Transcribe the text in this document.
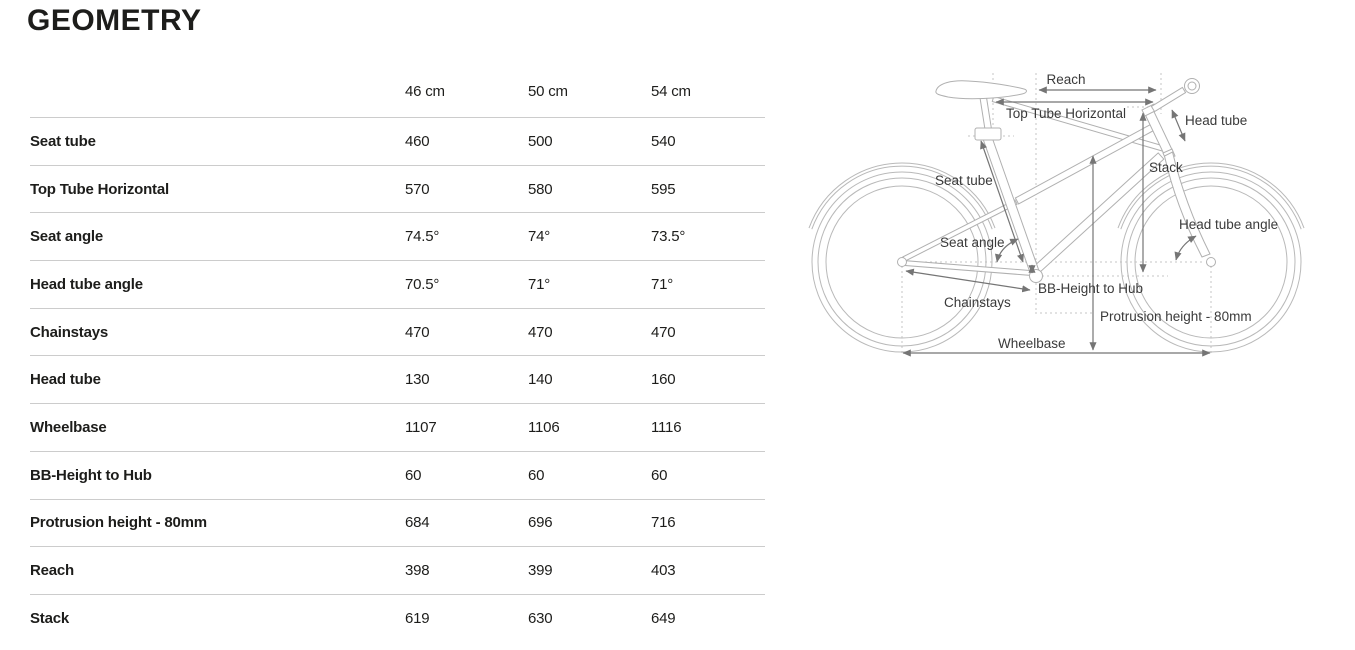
GEOMETRY
46 cm	50 cm	54 cm
Seat tube	460	500	540
Top Tube Horizontal	570	580	595
Seat angle	74.5°	74°	73.5°
Head tube angle	70.5°	71°	71°
Chainstays	470	470	470
Head tube	130	140	160
Wheelbase	1107	1106	1116
BB-Height to Hub	60	60	60
Protrusion height - 80mm	684	696	716
Reach	398	399	403
Stack	619	630	649
Reach
Top Tube Horizontal	Head tube
Seat tube
Stack
Seat angle
Head tube angle
BB-Height to Hub
Chainstays
Protrusion height - 80mm
Wheelbase
